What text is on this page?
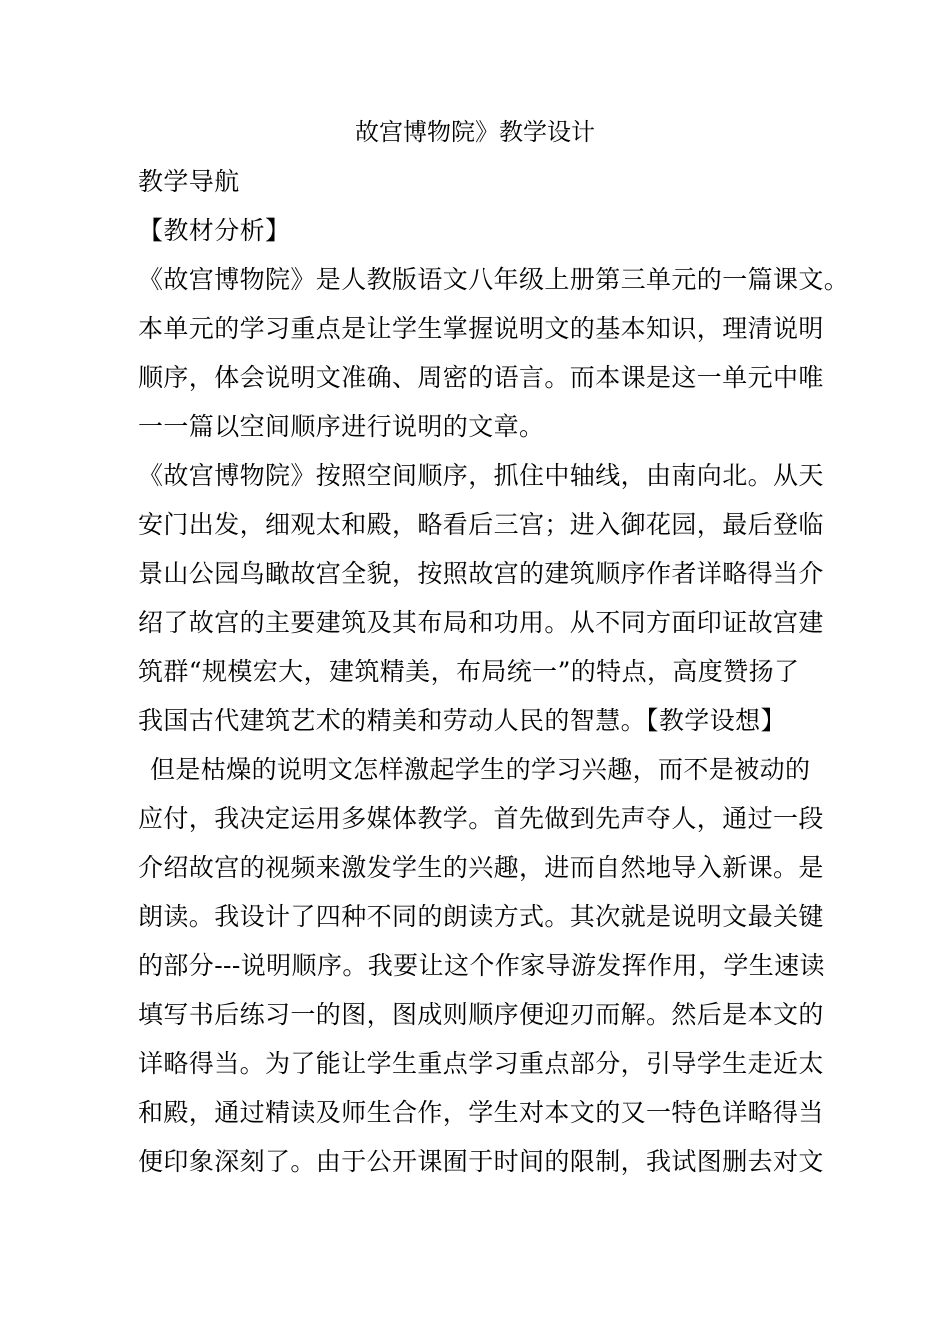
故宫博物院》教学设计
教学导航
【教材分析】
《故宫博物院》是人教版语文八年级上册第三单元的一篇课文。
本单元的学习重点是让学生掌握说明文的基本知识，理清说明
顺序，体会说明文准确、周密的语言。而本课是这一单元中唯
一一篇以空间顺序进行说明的文章。
《故宫博物院》按照空间顺序，抓住中轴线，由南向北。从天
安门出发，细观太和殿，略看后三宫；进入御花园，最后登临
景山公园鸟瞰故宫全貌，按照故宫的建筑顺序作者详略得当介
绍了故宫的主要建筑及其布局和功用。从不同方面印证故宫建
筑群“规模宏大，建筑精美，布局统一”的特点，高度赞扬了
我国古代建筑艺术的精美和劳动人民的智慧。【教学设想】
但是枯燥的说明文怎样激起学生的学习兴趣，而不是被动的
应付，我决定运用多媒体教学。首先做到先声夺人，通过一段
介绍故宫的视频来激发学生的兴趣，进而自然地导入新课。是
朗读。我设计了四种不同的朗读方式。其次就是说明文最关键
的部分---说明顺序。我要让这个作家导游发挥作用，学生速读
填写书后练习一的图，图成则顺序便迎刃而解。然后是本文的
详略得当。为了能让学生重点学习重点部分，引导学生走近太
和殿，通过精读及师生合作，学生对本文的又一特色详略得当
便印象深刻了。由于公开课囿于时间的限制，我试图删去对文
